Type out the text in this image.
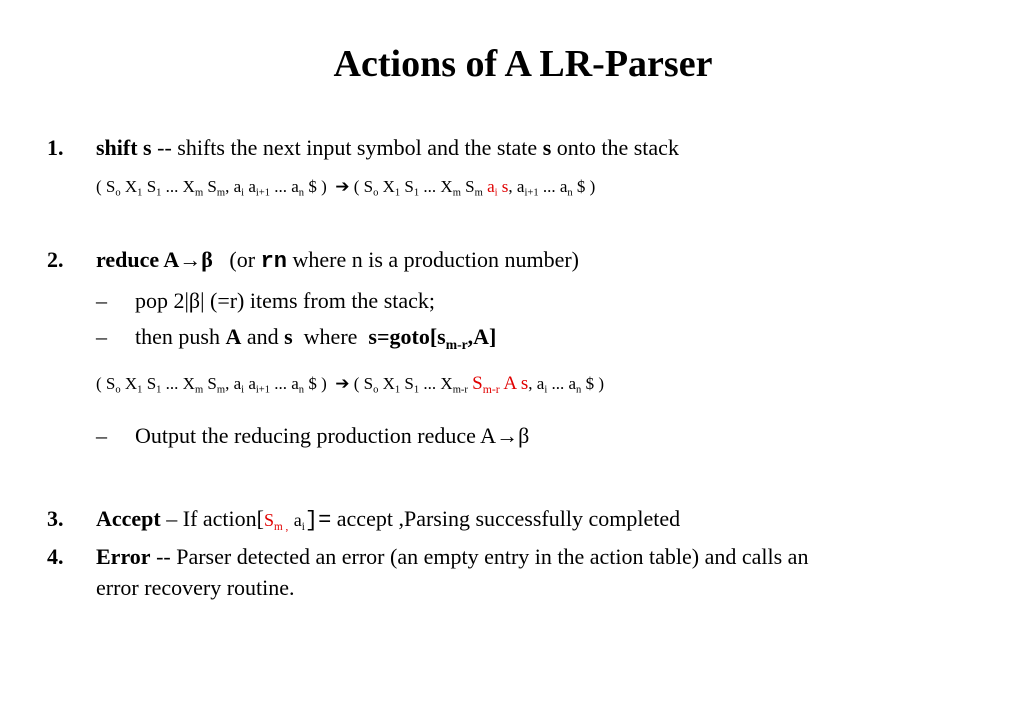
Actions of A LR-Parser
1. shift s -- shifts the next input symbol and the state s onto the stack
( $S_o$ $X_1$ $S_1$ ... $X_m$ $S_m$, $a_i$ $a_{i+1}$ ... $a_n$ $ )  ➔ ( $S_o$ $X_1$ $S_1$ ... $X_m$ $S_m$ $a_i$ s, $a_{i+1}$ ... $a_n$ $ )
2. reduce A→β (or rn where n is a production number)
– pop 2|β| (=r) items from the stack;
– then push A and s  where  $s=goto[s_{m-r},A]$
( $S_o$ $X_1$ $S_1$ ... $X_m$ $S_m$, $a_i$ $a_{i+1}$ ... $a_n$ $ )  ➔ ( $S_o$ $X_1$ $S_1$ ... $X_{m-r}$ $S_{m-r}$ A s, $a_i$ ... $a_n$ $ )
– Output the reducing production reduce A→β
3. Accept – If $action[S_{m ,}$ $a_i]=$ accept ,Parsing successfully completed
4. Error -- Parser detected an error (an empty entry in the action table) and calls an
error recovery routine.
